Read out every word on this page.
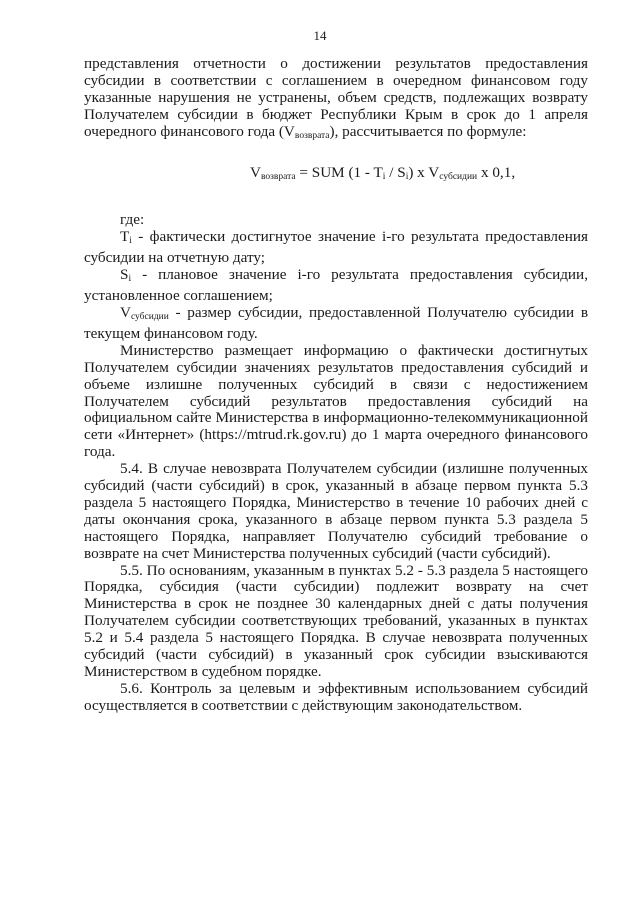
14

представления отчетности о достижении результатов предоставления субсидии в соответствии с соглашением в очередном финансовом году указанные нарушения не устранены, объем средств, подлежащих возврату Получателем субсидии в бюджет Республики Крым в срок до 1 апреля очередного финансового года $(V_{возврата})$, рассчитывается по формуле:

$V_{возврата}$ = SUM $(1 - T_i / S_i)$ x $V_{субсидии}$ x 0,1,

где:

$T_i$ - фактически достигнутое значение i-го результата предоставления субсидии на отчетную дату;

$S_i$ - плановое значение i-го результата предоставления субсидии, установленное соглашением;

$V_{субсидии}$ - размер субсидии, предоставленной Получателю субсидии в текущем финансовом году.

Министерство размещает информацию о фактически достигнутых Получателем субсидии значениях результатов предоставления субсидий и объеме излишне полученных субсидий в связи с недостижением Получателем субсидий результатов предоставления субсидий на официальном сайте Министерства в информационно-телекоммуникационной сети «Интернет» (https://mtrud.rk.gov.ru) до 1 марта очередного финансового года.

5.4. В случае невозврата Получателем субсидии (излишне полученных субсидий (части субсидий) в срок, указанный в абзаце первом пункта 5.3 раздела 5 настоящего Порядка, Министерство в течение 10 рабочих дней с даты окончания срока, указанного в абзаце первом пункта 5.3 раздела 5 настоящего Порядка, направляет Получателю субсидий требование о возврате на счет Министерства полученных субсидий (части субсидий).

5.5. По основаниям, указанным в пунктах 5.2 - 5.3 раздела 5 настоящего Порядка, субсидия (части субсидии) подлежит возврату на счет Министерства в срок не позднее 30 календарных дней с даты получения Получателем субсидии соответствующих требований, указанных в пунктах 5.2 и 5.4 раздела 5 настоящего Порядка. В случае невозврата полученных субсидий (части субсидий) в указанный срок субсидии взыскиваются Министерством в судебном порядке.

5.6. Контроль за целевым и эффективным использованием субсидий осуществляется в соответствии с действующим законодательством.
